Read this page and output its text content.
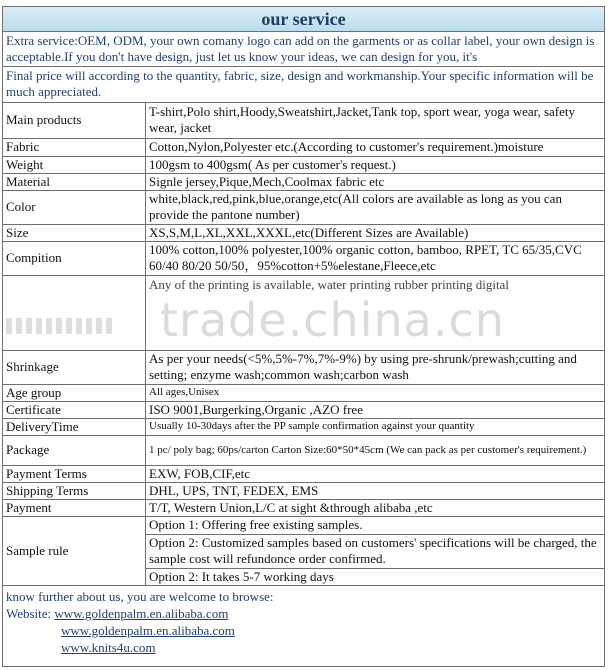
our service
Extra service:OEM, ODM, your own comany logo can add on the garments or as collar label, your own design is acceptable.If you don't have design, just let us know your ideas, we can design for you, it's
Final price will according to the quantity, fabric, size, design and workmanship.Your specific information will be much appreciated.
Main products	T-shirt,Polo shirt,Hoody,Sweatshirt,Jacket,Tank top, sport wear, yoga wear, safety wear, jacket
Fabric	Cotton,Nylon,Polyester etc.(According to customer's requirement.)moisture
Weight	100gsm to 400gsm( As per customer's request.)
Material	Signle jersey,Pique,Mech,Coolmax fabric etc
Color	white,black,red,pink,blue,orange,etc(All colors are available as long as you can provide the pantone number)
Size	XS,S,M,L,XL,XXL,XXXL,etc(Different Sizes are Available)
Compition	100% cotton,100% polyester,100% organic cotton, bamboo, RPET, TC 65/35,CVC 60/40 80/20 50/50，95%cotton+5%elestane,Fleece,etc

	Any of the printing is available, water printing rubber printing digital

Shrinkage	As per your needs(<5%,5%-7%,7%-9%) by using pre-shrunk/prewash;cutting and setting; enzyme wash;common wash;carbon wash
Age group	All ages,Unisex
Certificate	ISO 9001,Burgerking,Organic ,AZO free
DeliveryTime	Usually 10-30days after the PP sample confirmation against your quantity
Package	1 pc/ poly bag; 60ps/carton Carton Size:60*50*45cm (We can pack as per customer's requirement.)
Payment Terms	EXW, FOB,CIF,etc
Shipping Terms	DHL, UPS, TNT, FEDEX, EMS
Payment	T/T, Western Union,L/C at sight &through alibaba ,etc
Sample rule	Option 1: Offering free existing samples.
	Option 2: Customized samples based on customers' specifications will be charged, the sample cost will refundonce order confirmed.
	Option 2: It takes 5-7 working days
know further about us, you are welcome to browse:
Website: www.goldenpalm.en.alibaba.com
www.goldenpalm.en.alibaba.com
www.knits4u.com
trade.china.cn
